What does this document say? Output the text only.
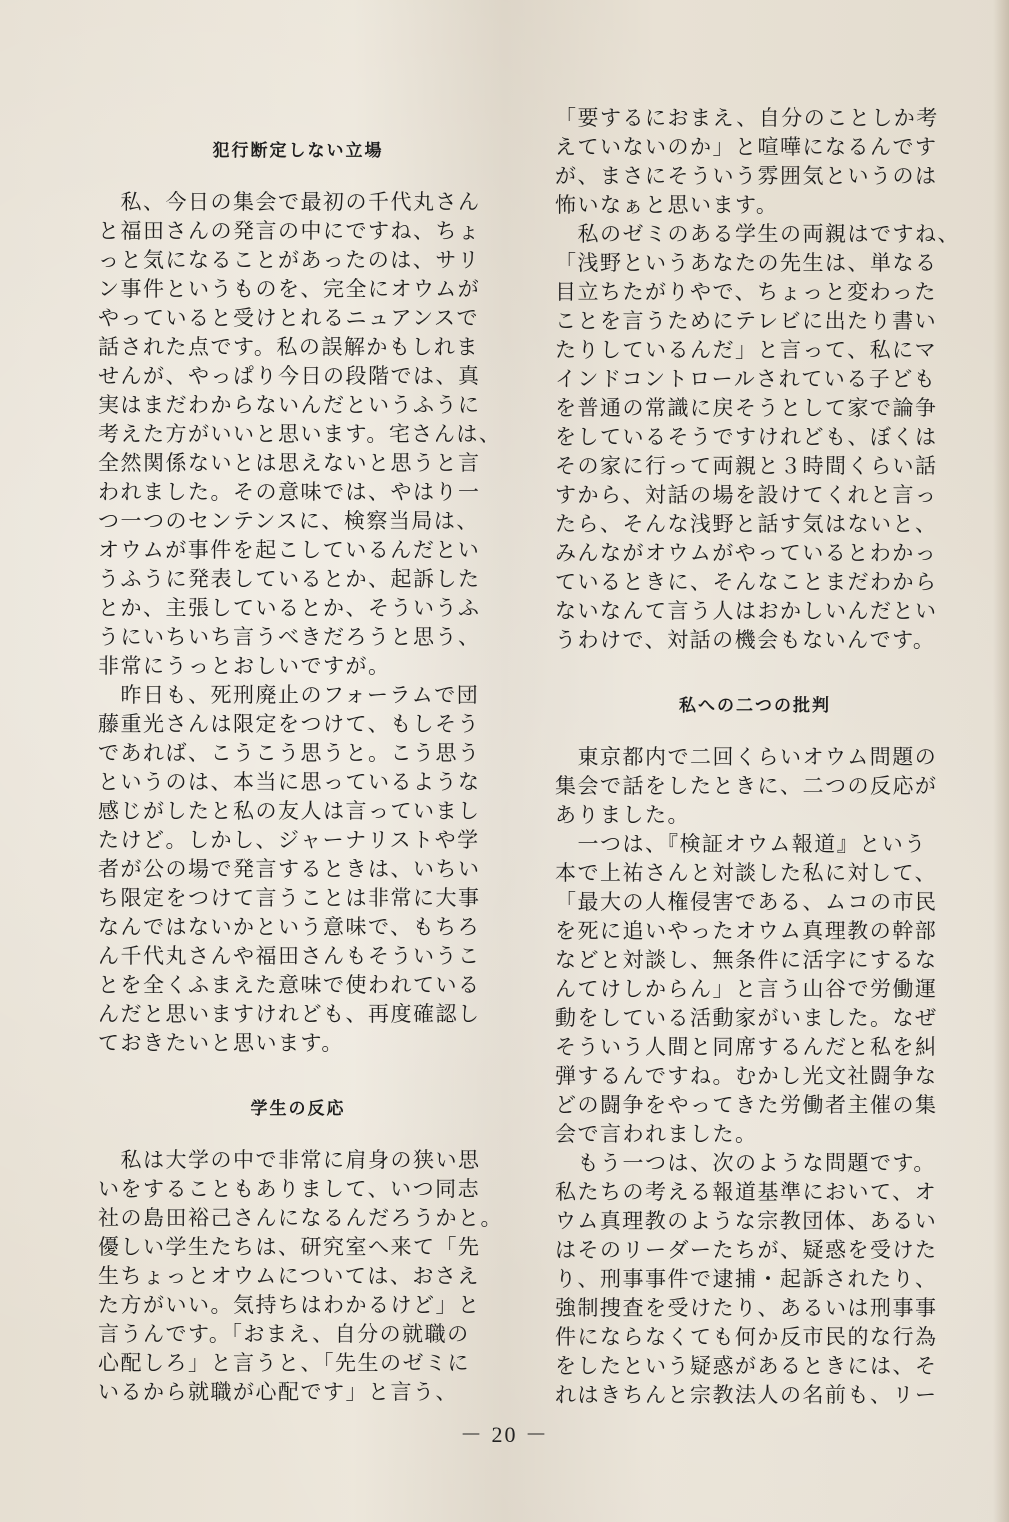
犯行断定しない立場
　私、今日の集会で最初の千代丸さん
と福田さんの発言の中にですね、ちょ
っと気になることがあったのは、サリ
ン事件というものを、完全にオウムが
やっていると受けとれるニュアンスで
話された点です。私の誤解かもしれま
せんが、やっぱり今日の段階では、真
実はまだわからないんだというふうに
考えた方がいいと思います。宅さんは、
全然関係ないとは思えないと思うと言
われました。その意味では、やはり一
つ一つのセンテンスに、検察当局は、
オウムが事件を起こしているんだとい
うふうに発表しているとか、起訴した
とか、主張しているとか、そういうふ
うにいちいち言うべきだろうと思う、
非常にうっとおしいですが。
　昨日も、死刑廃止のフォーラムで団
藤重光さんは限定をつけて、もしそう
であれば、こうこう思うと。こう思う
というのは、本当に思っているような
感じがしたと私の友人は言っていまし
たけど。しかし、ジャーナリストや学
者が公の場で発言するときは、いちい
ち限定をつけて言うことは非常に大事
なんではないかという意味で、もちろ
ん千代丸さんや福田さんもそういうこ
とを全くふまえた意味で使われている
んだと思いますけれども、再度確認し
ておきたいと思います。
学生の反応
　私は大学の中で非常に肩身の狭い思
いをすることもありまして、いつ同志
社の島田裕己さんになるんだろうかと。
優しい学生たちは、研究室へ来て「先
生ちょっとオウムについては、おさえ
た方がいい。気持ちはわかるけど」と
言うんです。「おまえ、自分の就職の
心配しろ」と言うと、「先生のゼミに
いるから就職が心配です」と言う、
「要するにおまえ、自分のことしか考
えていないのか」と喧嘩になるんです
が、まさにそういう雰囲気というのは
怖いなぁと思います。
　私のゼミのある学生の両親はですね、
「浅野というあなたの先生は、単なる
目立ちたがりやで、ちょっと変わった
ことを言うためにテレビに出たり書い
たりしているんだ」と言って、私にマ
インドコントロールされている子ども
を普通の常識に戻そうとして家で論争
をしているそうですけれども、ぼくは
その家に行って両親と３時間くらい話
すから、対話の場を設けてくれと言っ
たら、そんな浅野と話す気はないと、
みんながオウムがやっているとわかっ
ているときに、そんなことまだわから
ないなんて言う人はおかしいんだとい
うわけで、対話の機会もないんです。
私への二つの批判
　東京都内で二回くらいオウム問題の
集会で話をしたときに、二つの反応が
ありました。
　一つは、『検証オウム報道』という
本で上祐さんと対談した私に対して、
「最大の人権侵害である、ムコの市民
を死に追いやったオウム真理教の幹部
などと対談し、無条件に活字にするな
んてけしからん」と言う山谷で労働運
動をしている活動家がいました。なぜ
そういう人間と同席するんだと私を糾
弾するんですね。むかし光文社闘争な
どの闘争をやってきた労働者主催の集
会で言われました。
　もう一つは、次のような問題です。
私たちの考える報道基準において、オ
ウム真理教のような宗教団体、あるい
はそのリーダーたちが、疑惑を受けた
り、刑事事件で逮捕・起訴されたり、
強制捜査を受けたり、あるいは刑事事
件にならなくても何か反市民的な行為
をしたという疑惑があるときには、そ
れはきちんと宗教法人の名前も、リー
－ 20 －
